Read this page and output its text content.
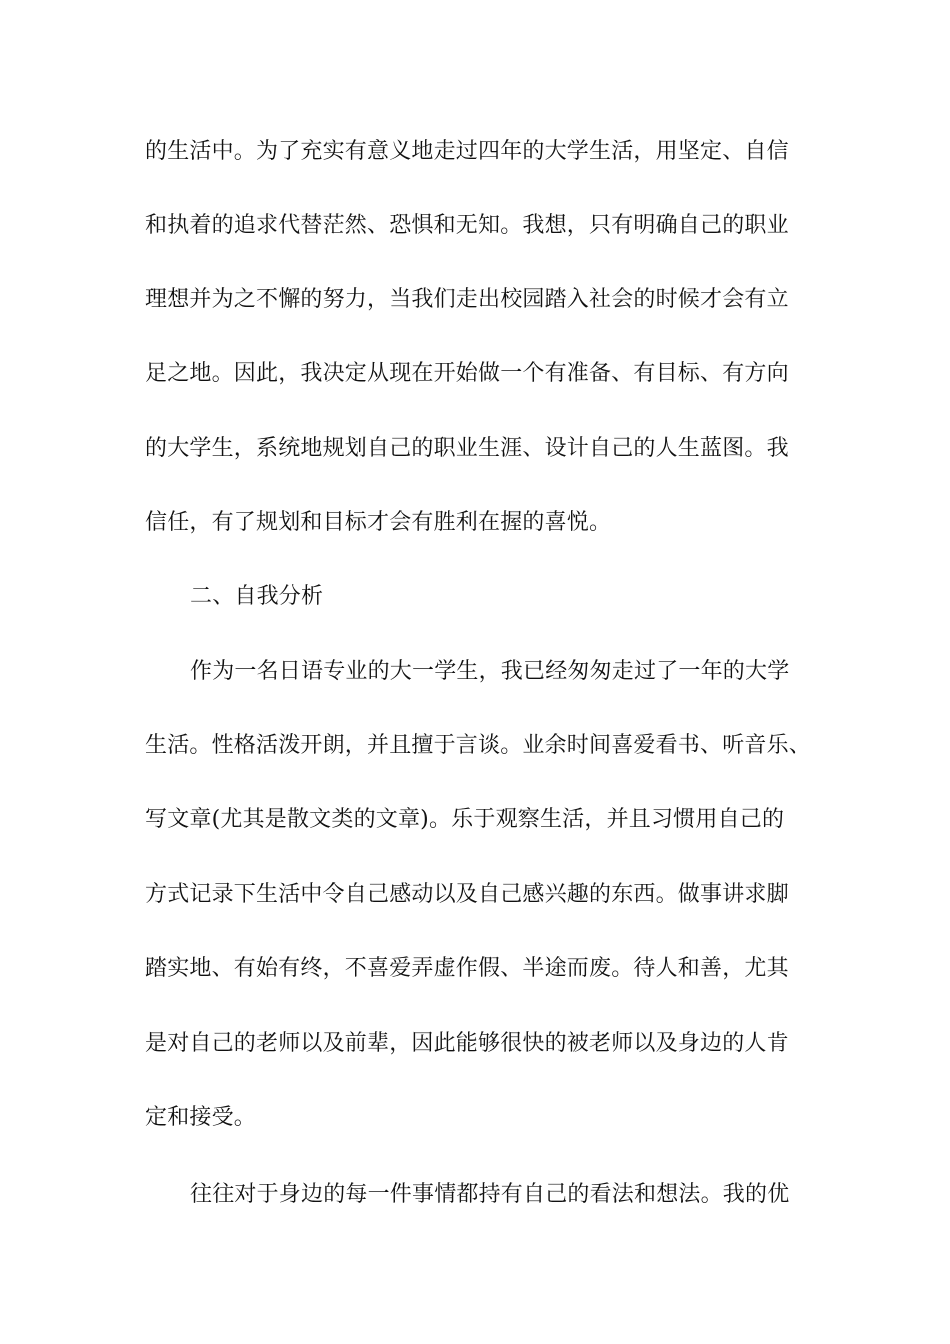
的生活中。为了充实有意义地走过四年的大学生活，用坚定、自信
和执着的追求代替茫然、恐惧和无知。我想，只有明确自己的职业
理想并为之不懈的努力，当我们走出校园踏入社会的时候才会有立
足之地。因此，我决定从现在开始做一个有准备、有目标、有方向
的大学生，系统地规划自己的职业生涯、设计自己的人生蓝图。我
信任，有了规划和目标才会有胜利在握的喜悦。
二、自我分析
作为一名日语专业的大一学生，我已经匆匆走过了一年的大学
生活。性格活泼开朗，并且擅于言谈。业余时间喜爱看书、听音乐、
写文章(尤其是散文类的文章)。乐于观察生活，并且习惯用自己的
方式记录下生活中令自己感动以及自己感兴趣的东西。做事讲求脚
踏实地、有始有终，不喜爱弄虚作假、半途而废。待人和善，尤其
是对自己的老师以及前辈，因此能够很快的被老师以及身边的人肯
定和接受。
往往对于身边的每一件事情都持有自己的看法和想法。我的优
